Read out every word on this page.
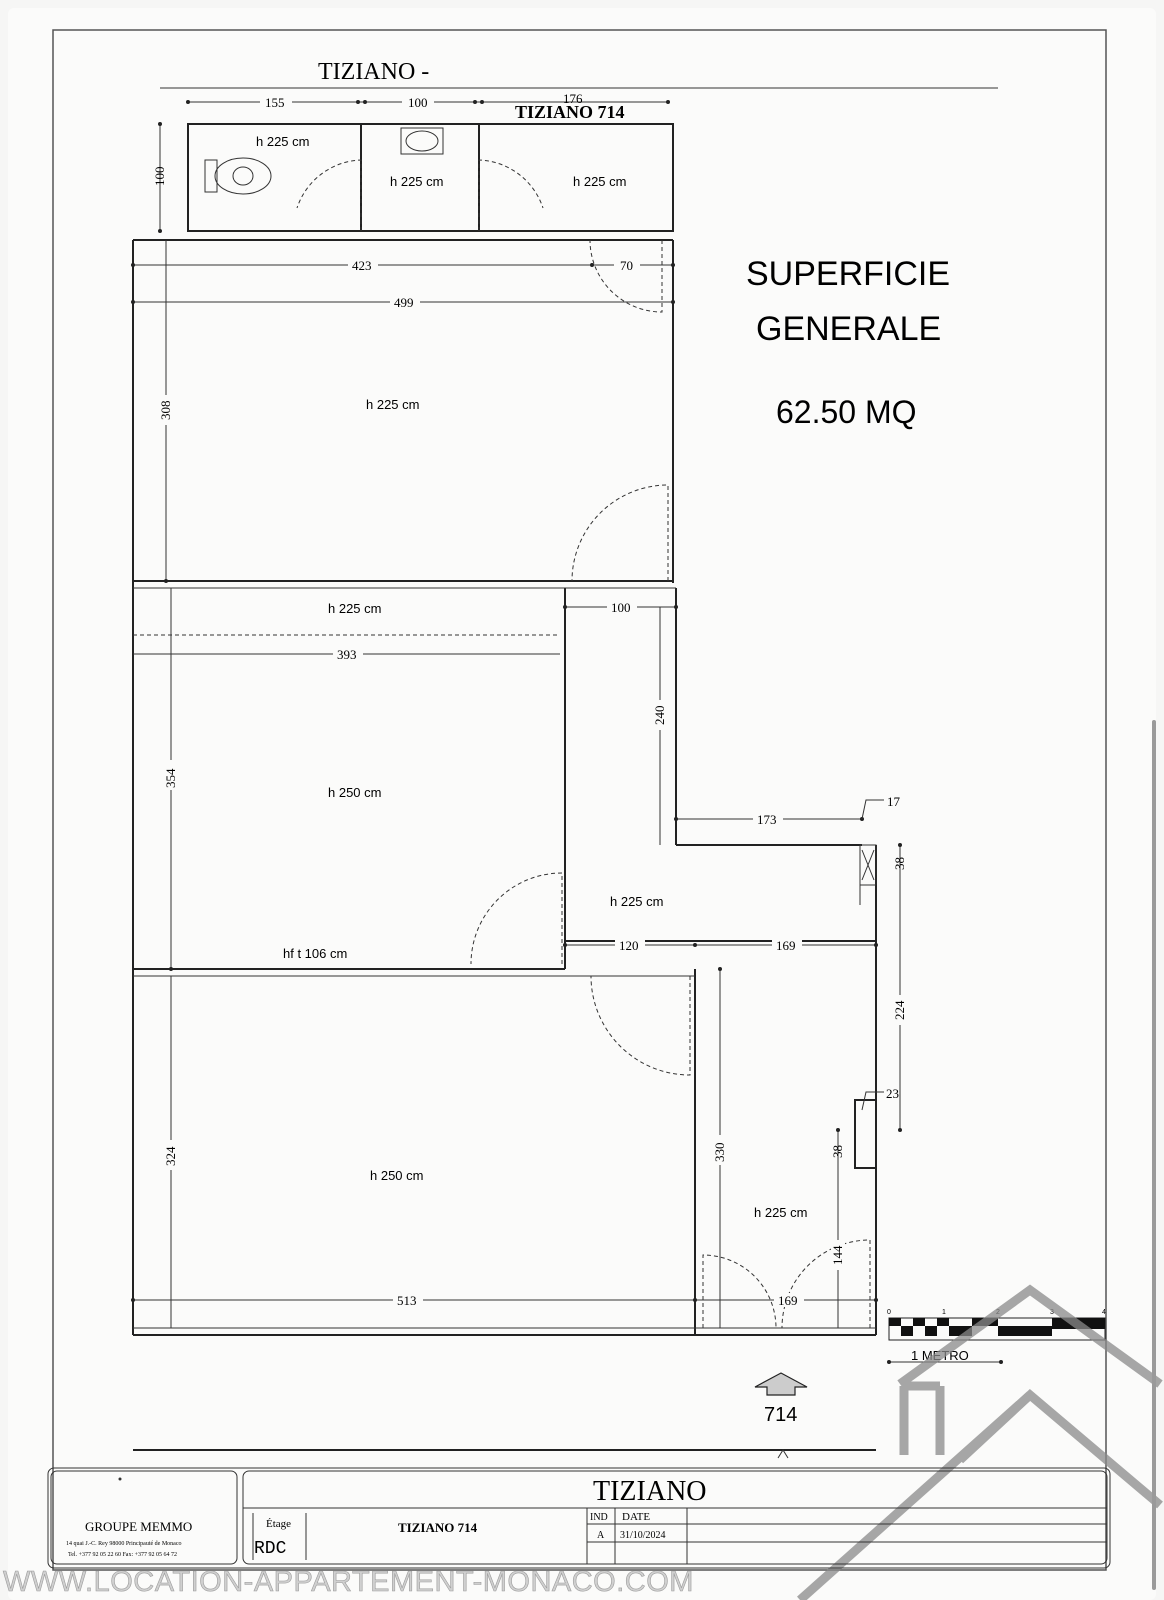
TIZIANO -
TIZIANO 714
155	100	176
h 225 cm
h 225 cm	h 225 cm
100
423	70
499
308
100
393
240
354
173
17
38
120	169
224
23
330	38
324
144
513	169
h 225 cm
h 225 cm
h 250 cm
h 225 cm
hf t 106 cm
h 250 cm
h 225 cm
SUPERFICIE
GENERALE
62.50 MQ
714
0	1	2	3	4
1 METRO
TIZIANO
GROUPE MEMMO
14 quai J.-C. Rey 98000 Principauté de Monaco
Tel. +377 92 05 22 60 Fax: +377 92 05 64 72
Étage
RDC
TIZIANO 714
IND DATE
A 31/10/2024
WWW.LOCATION-APPARTEMENT-MONACO.COM
